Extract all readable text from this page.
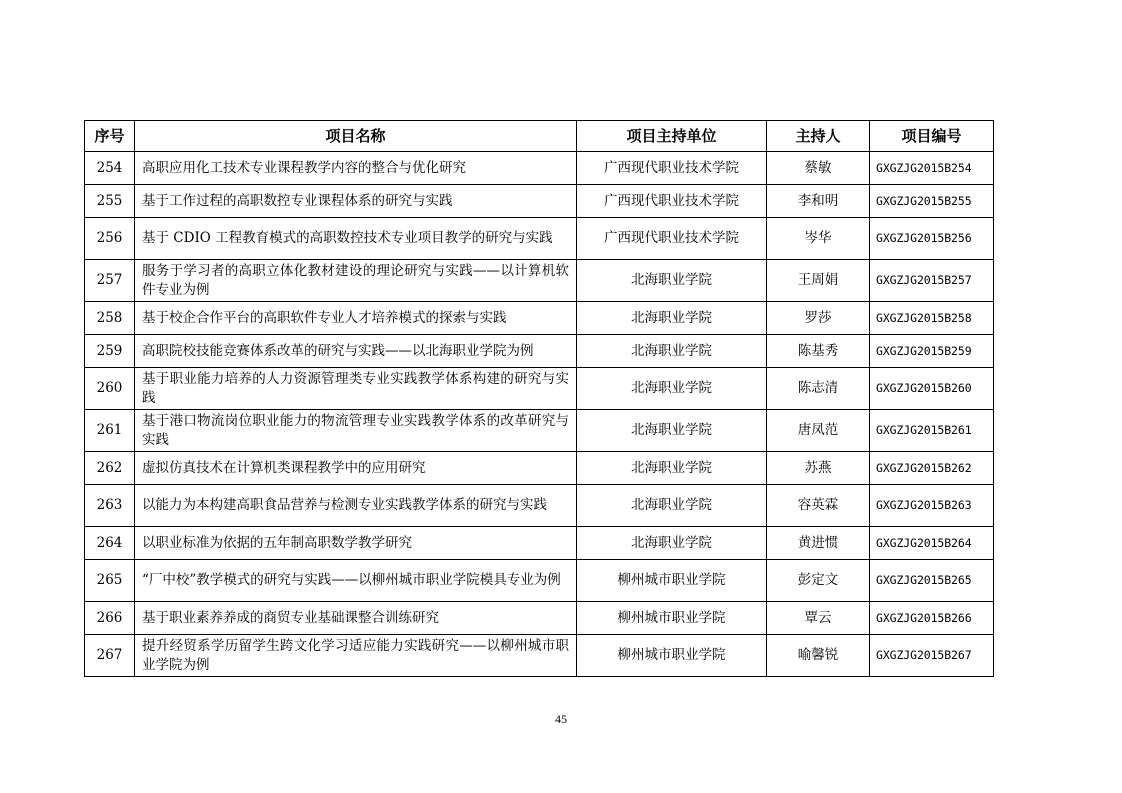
序号	项目名称	项目主持单位	主持人	项目编号
254	高职应用化工技术专业课程教学内容的整合与优化研究	广西现代职业技术学院	蔡敏	GXGZJG2015B254
255	基于工作过程的高职数控专业课程体系的研究与实践	广西现代职业技术学院	李和明	GXGZJG2015B255
256	基于 CDIO 工程教育模式的高职数控技术专业项目教学的研究与实践	广西现代职业技术学院	岑华	GXGZJG2015B256
257	服务于学习者的高职立体化教材建设的理论研究与实践——以计算机软件专业为例	北海职业学院	王周娟	GXGZJG2015B257
258	基于校企合作平台的高职软件专业人才培养模式的探索与实践	北海职业学院	罗莎	GXGZJG2015B258
259	高职院校技能竞赛体系改革的研究与实践——以北海职业学院为例	北海职业学院	陈基秀	GXGZJG2015B259
260	基于职业能力培养的人力资源管理类专业实践教学体系构建的研究与实践	北海职业学院	陈志清	GXGZJG2015B260
261	基于港口物流岗位职业能力的物流管理专业实践教学体系的改革研究与实践	北海职业学院	唐凤范	GXGZJG2015B261
262	虚拟仿真技术在计算机类课程教学中的应用研究	北海职业学院	苏燕	GXGZJG2015B262
263	以能力为本构建高职食品营养与检测专业实践教学体系的研究与实践	北海职业学院	容英霖	GXGZJG2015B263
264	以职业标准为依据的五年制高职数学教学研究	北海职业学院	黄进惯	GXGZJG2015B264
265	“厂中校”教学模式的研究与实践——以柳州城市职业学院模具专业为例	柳州城市职业学院	彭定文	GXGZJG2015B265
266	基于职业素养养成的商贸专业基础课整合训练研究	柳州城市职业学院	覃云	GXGZJG2015B266
267	提升经贸系学历留学生跨文化学习适应能力实践研究——以柳州城市职业学院为例	柳州城市职业学院	喻馨锐	GXGZJG2015B267
45
